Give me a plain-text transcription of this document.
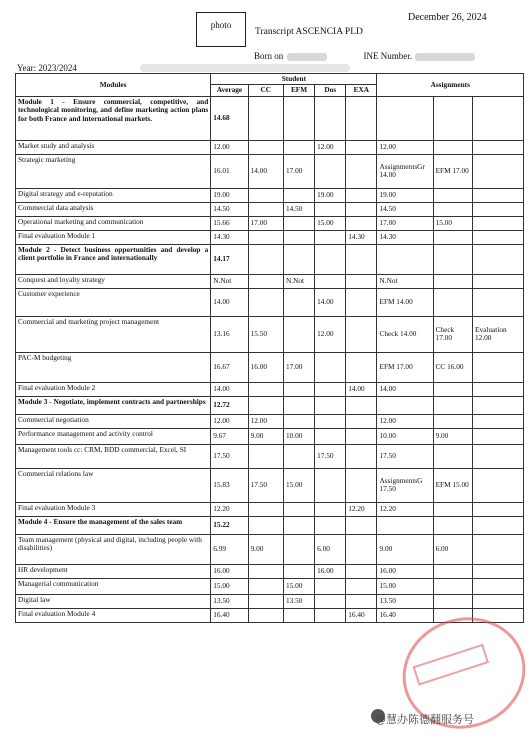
photo
December 26, 2024
Transcript ASCENCIA PLD
Born on	INE Number.
Year: 2023/2024
Modules	Student					Assignments		
	Average	CC	EFM	Dos	EXA			
Module 1 - Ensure commercial, competitive, and technological monitoring, and define marketing action plans for both France and international markets.	14.68							
Market study and analysis	12.00			12.00		12.00		
Strategic marketing	16.01	14.00	17.00			AssignmentsGr 14.00	EFM 17.00	
Digital strategy and e-reputation	19.00			19.00		19.00		
Commercial data analysis	14.50		14.50			14.50		
Operational marketing and communication	15.66	17.00		15.00		17.00	15.00	
Final evaluation Module 1	14.30				14.30	14.30		
Module 2 - Detect business opportunities and develop a client portfolio in France and internationally	14.17							
Conquest and loyalty strategy	N.Not		N.Not			N.Not		
Customer experience	14.00			14.00		EFM 14.00		
Commercial and marketing project management	13.16	15.50		12.00		Check 14.00	Check 17.00	Evaluation 12.00
PAC-M budgeting	16.67	16.00	17.00			EFM 17.00	CC 16.00	
Final evaluation Module 2	14.00				14.00	14.00		
Module 3 - Negotiate, implement contracts and partnerships	12.72							
Commercial negotiation	12.00	12.00				12.00		
Performance management and activity control	9.67	9.00	10.00			10.00	9.00	
Management tools cc: CRM, BDD commercial, Excel, SI	17.50			17.50		17.50		
Commercial relations law	15.83	17.50	15.00			AssignmentsG 17.50	EFM 15.00	
Final evaluation Module 3	12.20				12.20	12.20		
Module 4 - Ensure the management of the sales team	15.22							
Team management (physical and digital, including people with disabilities)	6.99	9.00		6.00		9.00	6.00	
HR development	16.00			16.00		16.00		
Managerial communication	15.00		15.00			15.00		
Digital law	13.50		13.50			13.50		
Final evaluation Module 4	16.40				16.40	16.40		
@慧办陈德翻服务号
